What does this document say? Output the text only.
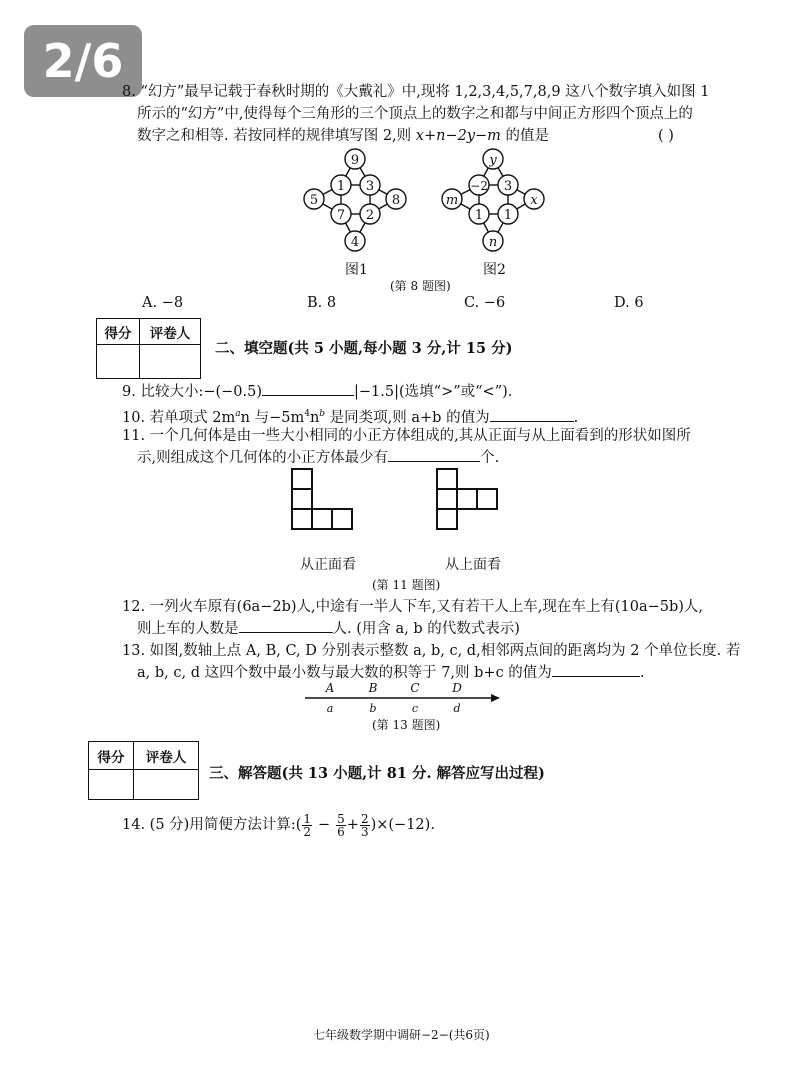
2/6
8. “幻方”最早记载于春秋时期的《大戴礼》中,现将 1,2,3,4,5,7,8,9 这八个数字填入如图 1
所示的“幻方”中,使得每个三角形的三个顶点上的数字之和都与中间正方形四个顶点上的
数字之和相等. 若按同样的规律填写图 2,则 x+n−2y−m 的值是	( )
9
5	8
4
1 3
7 2
图1
y
m	x
n
−2 3
1 1
图2
(第 8 题图)
A. −8	B. 8	C. −6	D. 6
得分	评卷人

二、填空题(共 5 小题,每小题 3 分,计 15 分)
9. 比较大小:−(−0.5)	|−1.5|(选填“>”或“<”).
10. 若单项式 $2m^an$ 与$-5m^4n^b$ 是同类项,则 a+b 的值为	.
11. 一个几何体是由一些大小相同的小正方体组成的,其从正面与从上面看到的形状如图所
示,则组成这个几何体的小正方体最少有	个.
从正面看	从上面看
(第 11 题图)
12. 一列火车原有(6a−2b)人,中途有一半人下车,又有若干人上车,现在车上有(10a−5b)人,
则上车的人数是	人. (用含 a, b 的代数式表示)
13. 如图,数轴上点 A, B, C, D 分别表示整数 a, b, c, d,相邻两点间的距离均为 2 个单位长度. 若
a, b, c, d 这四个数中最小数与最大数的积等于 7,则 b+c 的值为	.
A	B	C	D
a	b	c	d
(第 13 题图)
得分	评卷人

三、解答题(共 13 小题,计 81 分. 解答应写出过程)
14. (5 分)用简便方法计算:( $\frac{1}{2} - \frac{5}{6} + \frac{2}{3} )\times(-12)$.
七年级数学期中调研−2−(共6页)
